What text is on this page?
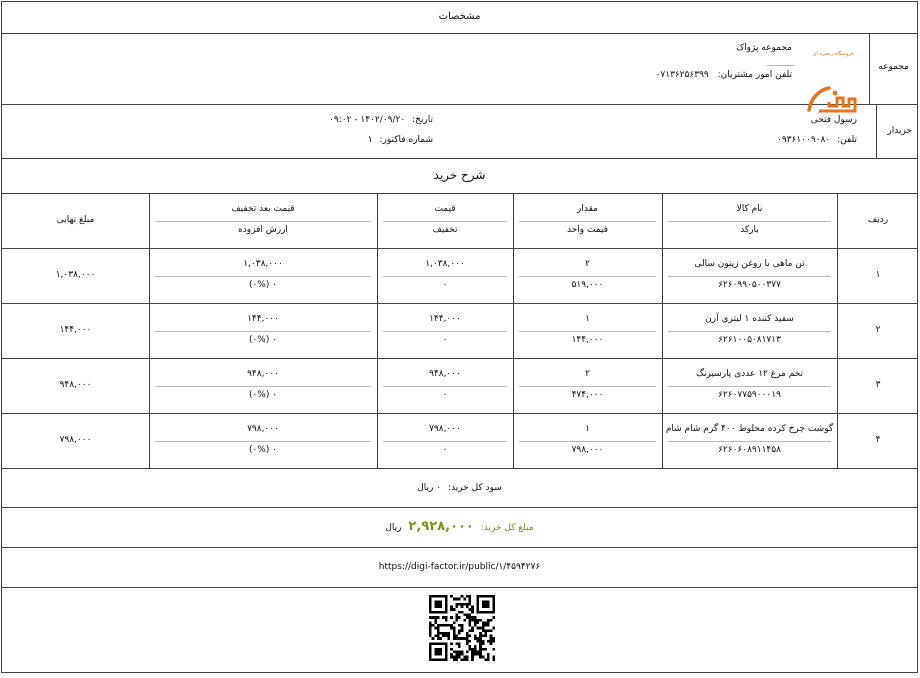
مشخصات
مجموعه
فروشگاه زنجیره ای
مجموعه پژواک
تلفن امور مشتریان: ۰۷۱۳۶۲۵۶۳۹۹
خریدار
رسول فتحی
تلفن: ۰۹۳۶۱۰۰۹۰۸۰
تاریخ: ۱۴۰۲/۰۹/۲۰ - ۰۹:۰۲
شماره فاکتور: ۱
شرح خرید
سود کل خرید: ۰ ریال
مبلغ کل خرید: ۲,۹۲۸,۰۰۰ ریال
https://digi-factor.ir/public/۱/۴۵۹۴۲۷۶
ردیف
نام کالا
بارکد
مقدار
قیمت واحد
قیمت
تخفیف
قیمت بعد تخفیف
ارزش افزوده
مبلغ نهایی
۱
تن ماهی با روغن زیتون سالی
۶۲۶۰۹۹۰۵۰۰۳۷۷
۲
۵۱۹,۰۰۰
۱,۰۳۸,۰۰۰
۰
۱,۰۳۸,۰۰۰
۰ (۰%)
۱,۰۳۸,۰۰۰
۲
سفید کننده ۱ لیتری آرن
۶۲۶۱۰۰۵۰۸۱۷۱۳
۱
۱۴۴,۰۰۰
۱۴۴,۰۰۰
۰
۱۴۴,۰۰۰
۰ (۰%)
۱۴۴,۰۰۰
۳
تخم مرغ ۱۲ عددی پارسیرنگ
۶۲۶۰۷۷۵۹۰۰۰۱۹
۲
۴۷۴,۰۰۰
۹۴۸,۰۰۰
۰
۹۴۸,۰۰۰
۰ (۰%)
۹۴۸,۰۰۰
۴
گوشت چرخ کرده مخلوط ۴۰۰ گرم شام شام
۶۲۶۰۶۰۸۹۱۱۴۵۸
۱
۷۹۸,۰۰۰
۷۹۸,۰۰۰
۰
۷۹۸,۰۰۰
۰ (۰%)
۷۹۸,۰۰۰
